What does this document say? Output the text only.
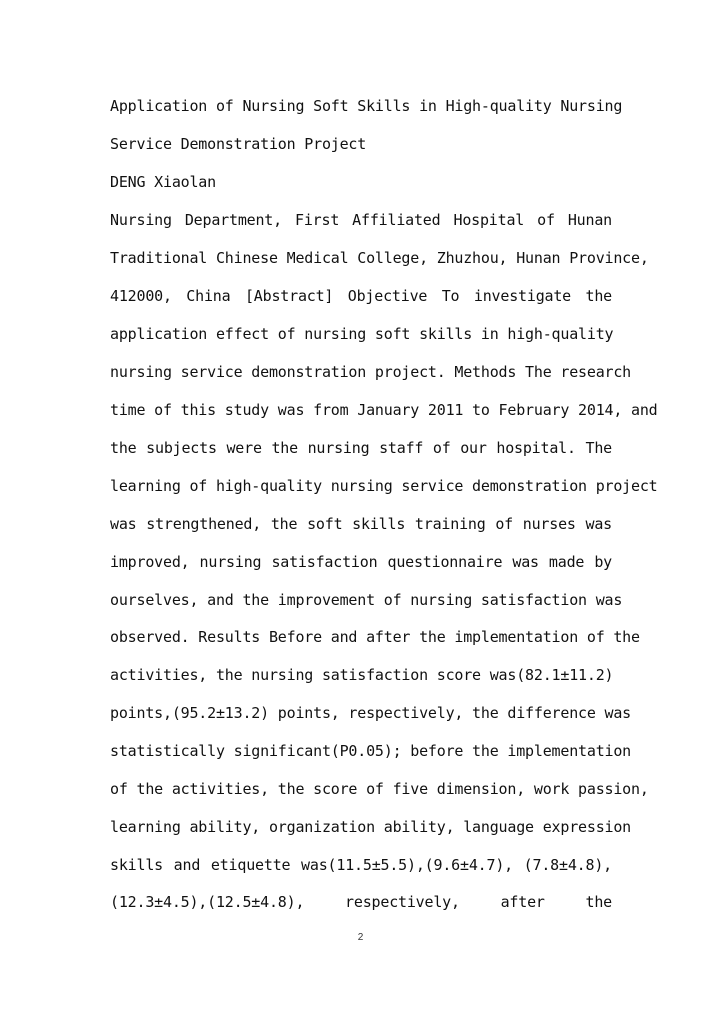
Application of Nursing Soft Skills in High-quality Nursing
Service Demonstration Project
DENG Xiaolan
Nursing Department, First Affiliated Hospital of Hunan
Traditional Chinese Medical College, Zhuzhou, Hunan Province,
412000, China [Abstract] Objective To investigate the
application effect of nursing soft skills in high-quality
nursing service demonstration project. Methods The research
time of this study was from January 2011 to February 2014, and
the subjects were the nursing staff of our hospital. The
learning of high-quality nursing service demonstration project
was strengthened, the soft skills training of nurses was
improved, nursing satisfaction questionnaire was made by
ourselves, and the improvement of nursing satisfaction was
observed. Results Before and after the implementation of the
activities, the nursing satisfaction score was(82.1±11.2)
points,(95.2±13.2) points, respectively, the difference was
statistically significant(P0.05); before the implementation
of the activities, the score of five dimension, work passion,
learning ability, organization ability, language expression
skills and etiquette was(11.5±5.5),(9.6±4.7), (7.8±4.8),
(12.3±4.5),(12.5±4.8), respectively, after the
2
